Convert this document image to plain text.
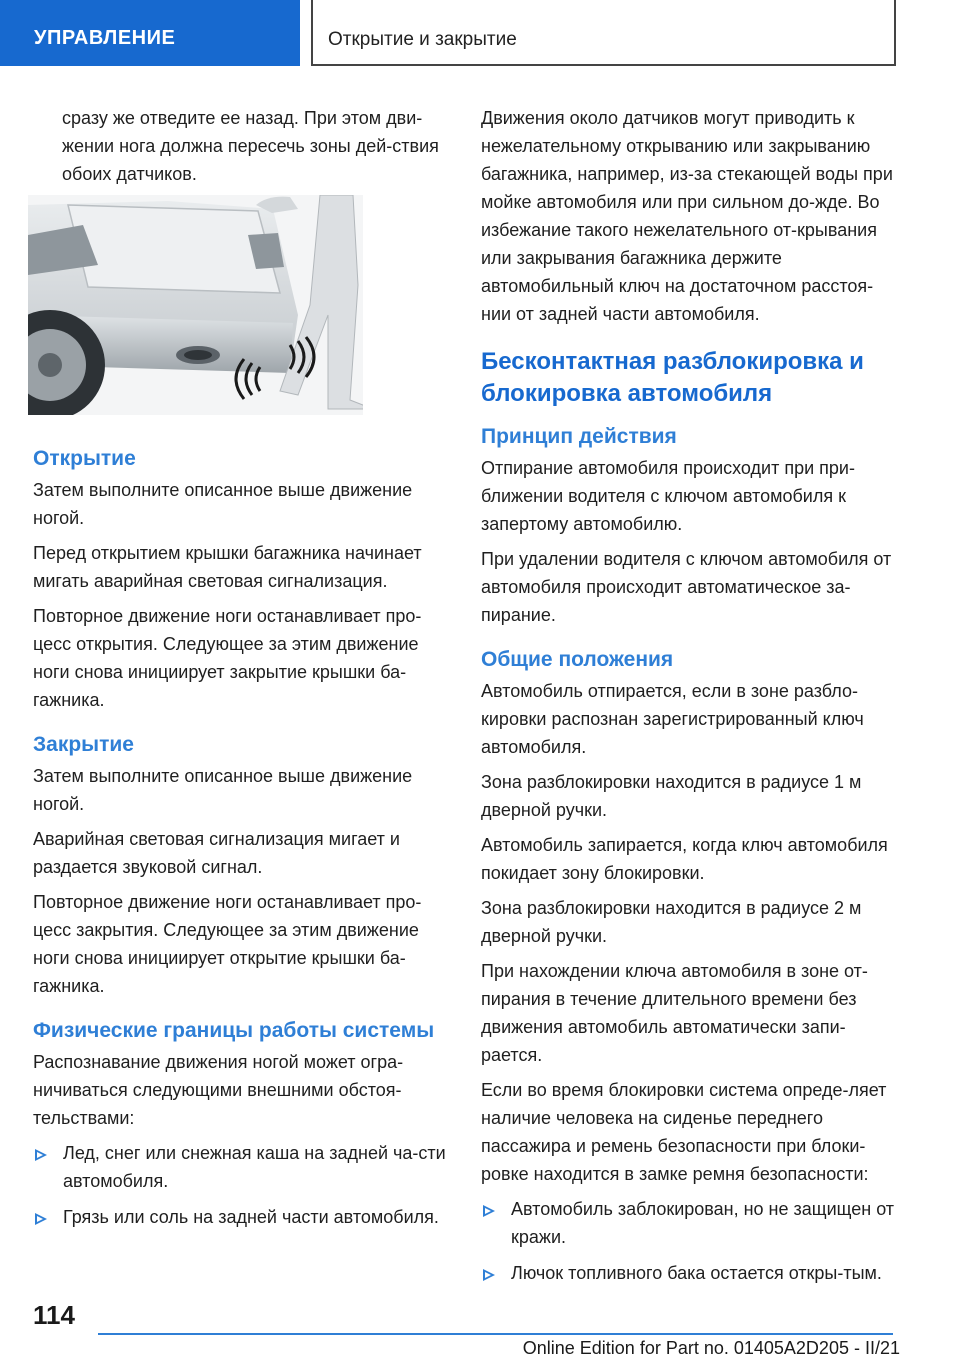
УПРАВЛЕНИЕ	Открытие и закрытие

сразу же отведите ее назад. При этом дви-жении нога должна пересечь зоны дей-ствия обоих датчиков.

Открытие

Затем выполните описанное выше движение ногой.

Перед открытием крышки багажника начинает мигать аварийная световая сигнализация.

Повторное движение ноги останавливает про-цесс открытия. Следующее за этим движение ноги снова инициирует закрытие крышки ба-гажника.

Закрытие

Затем выполните описанное выше движение ногой.

Аварийная световая сигнализация мигает и раздается звуковой сигнал.

Повторное движение ноги останавливает про-цесс закрытия. Следующее за этим движение ноги снова инициирует открытие крышки ба-гажника.

Физические границы работы системы

Распознавание движения ногой может огра-ничиваться следующими внешними обстоя-тельствами:

Лед, снег или снежная каша на задней ча-сти автомобиля.
Грязь или соль на задней части автомобиля.

Движения около датчиков могут приводить к нежелательному открыванию или закрыванию багажника, например, из-за стекающей воды при мойке автомобиля или при сильном до-жде. Во избежание такого нежелательного от-крывания или закрывания багажника держите автомобильный ключ на достаточном расстоя-нии от задней части автомобиля.

Бесконтактная разблокировка и блокировка автомобиля
Принцип действия

Отпирание автомобиля происходит при при-ближении водителя с ключом автомобиля к запертому автомобилю.

При удалении водителя с ключом автомобиля от автомобиля происходит автоматическое за-пирание.

Общие положения

Автомобиль отпирается, если в зоне разбло-кировки распознан зарегистрированный ключ автомобиля.

Зона разблокировки находится в радиусе 1 м дверной ручки.

Автомобиль запирается, когда ключ автомобиля покидает зону блокировки.

Зона разблокировки находится в радиусе 2 м дверной ручки.

При нахождении ключа автомобиля в зоне от-пирания в течение длительного времени без движения автомобиль автоматически запи-рается.

Если во время блокировки система опреде-ляет наличие человека на сиденье переднего пассажира и ремень безопасности при блоки-ровке находится в замке ремня безопасности:

Автомобиль заблокирован, но не защищен от кражи.
Лючок топливного бака остается откры-тым.
114
Online Edition for Part no. 01405A2D205 - II/21
